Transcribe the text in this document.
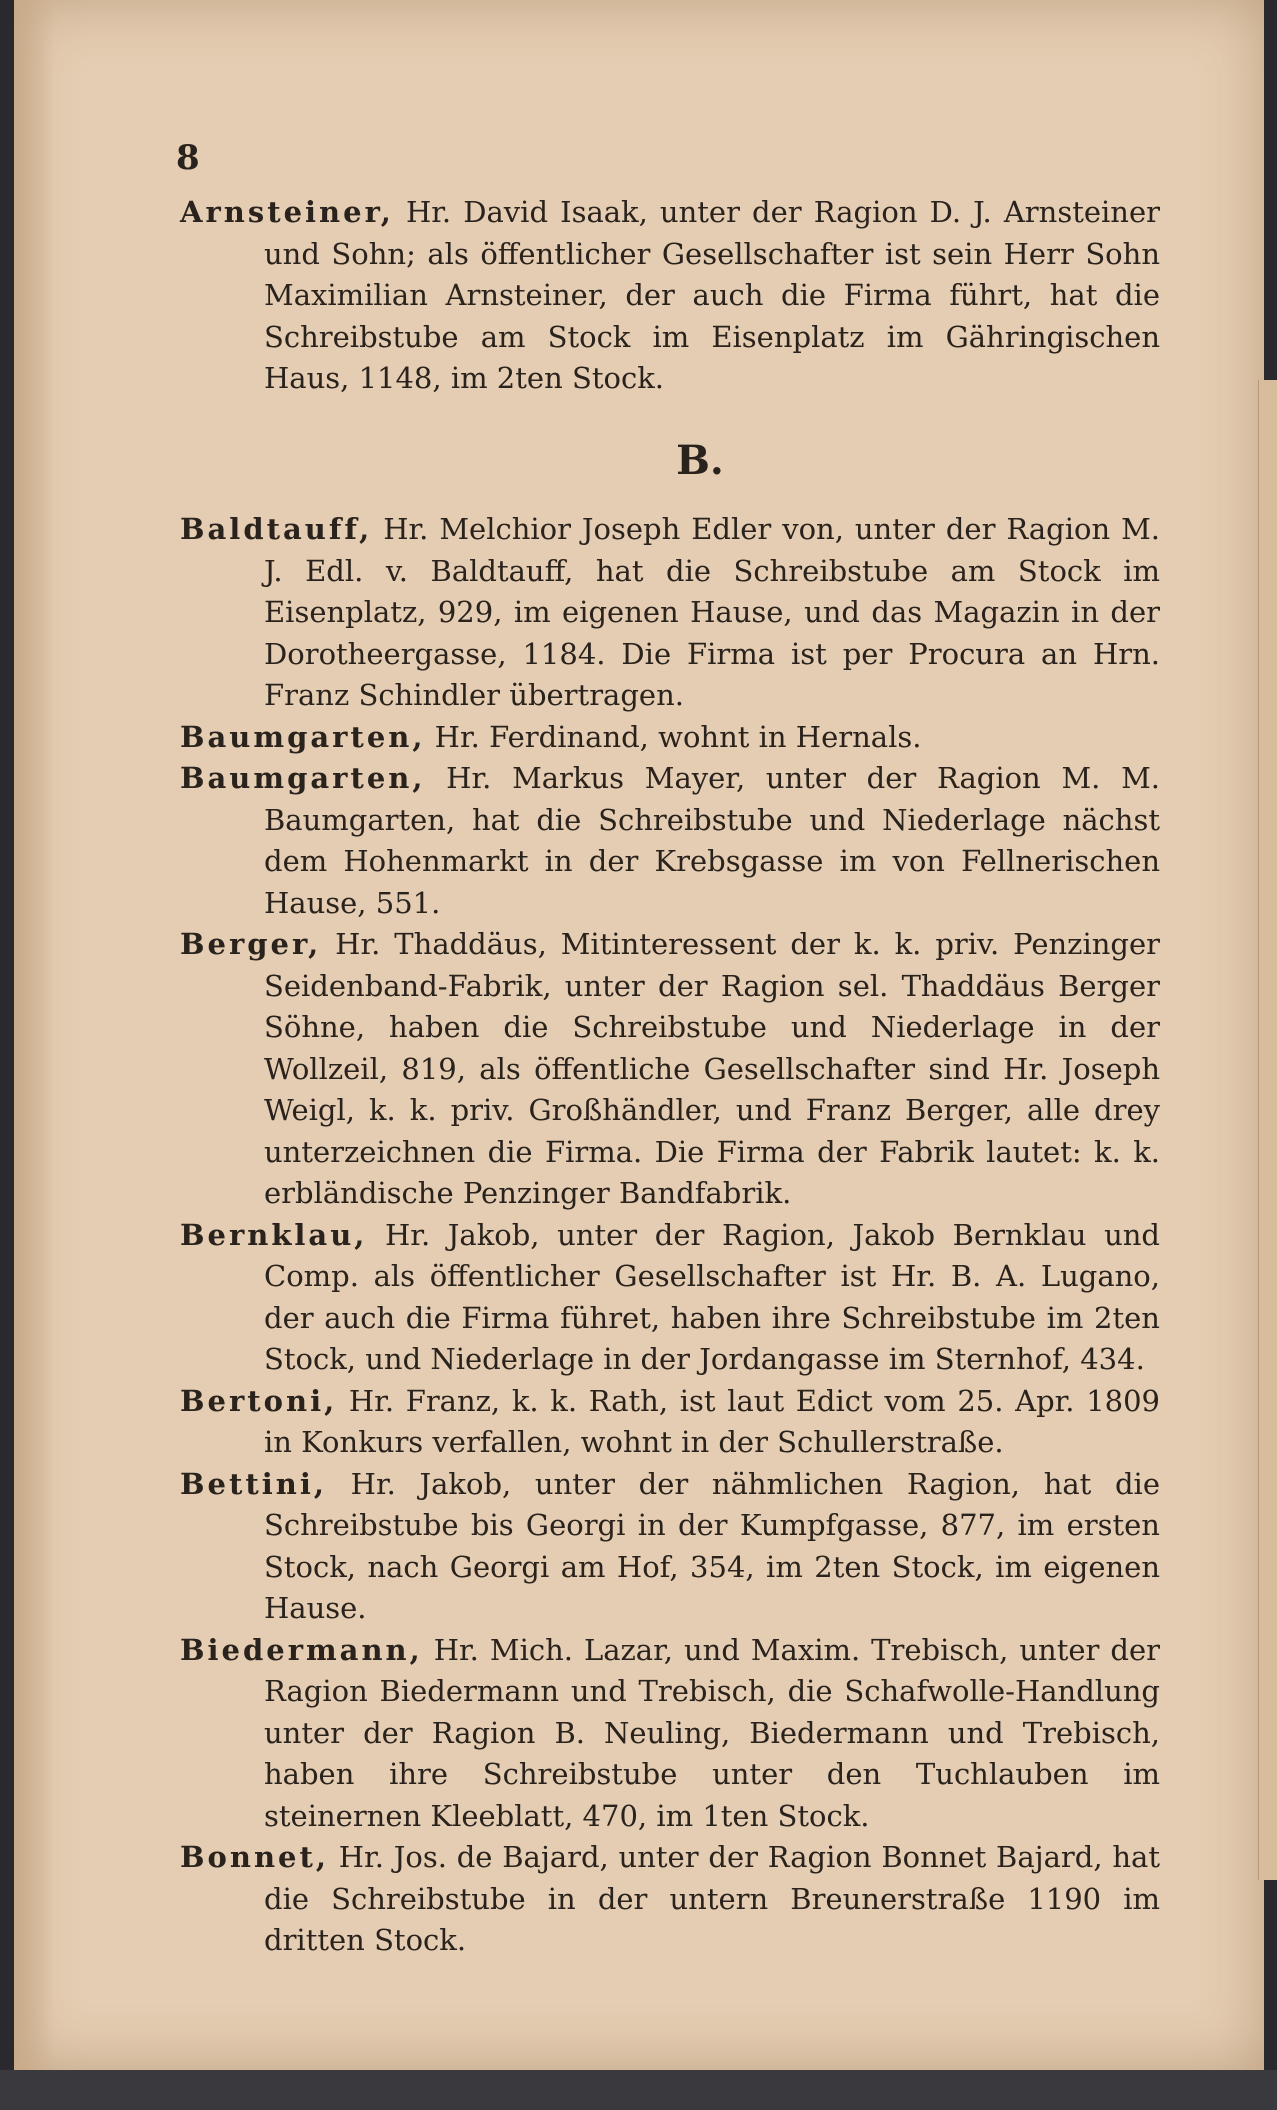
8

Arnsteiner, Hr. David Isaak, unter der Ragion D. J. Arnsteiner und Sohn; als öffentlicher Gesellschafter ist sein Herr Sohn Maximilian Arnsteiner, der auch die Firma führt, hat die Schreibstube am Stock im Eisenplatz im Gähringischen Haus, 1148, im 2ten Stock.

B.

Baldtauff, Hr. Melchior Joseph Edler von, unter der Ragion M. J. Edl. v. Baldtauff, hat die Schreibstube am Stock im Eisenplatz, 929, im eigenen Hause, und das Magazin in der Dorotheergasse, 1184. Die Firma ist per Procura an Hrn. Franz Schindler übertragen.

Baumgarten, Hr. Ferdinand, wohnt in Hernals.

Baumgarten, Hr. Markus Mayer, unter der Ragion M. M. Baumgarten, hat die Schreibstube und Niederlage nächst dem Hohenmarkt in der Krebsgasse im von Fellnerischen Hause, 551.

Berger, Hr. Thaddäus, Mitinteressent der k. k. priv. Penzinger Seidenband-Fabrik, unter der Ragion sel. Thaddäus Berger Söhne, haben die Schreibstube und Niederlage in der Wollzeil, 819, als öffentliche Gesellschafter sind Hr. Joseph Weigl, k. k. priv. Großhändler, und Franz Berger, alle drey unterzeichnen die Firma. Die Firma der Fabrik lautet: k. k. erbländische Penzinger Bandfabrik.

Bernklau, Hr. Jakob, unter der Ragion, Jakob Bernklau und Comp. als öffentlicher Gesellschafter ist Hr. B. A. Lugano, der auch die Firma führet, haben ihre Schreibstube im 2ten Stock, und Niederlage in der Jordangasse im Sternhof, 434.

Bertoni, Hr. Franz, k. k. Rath, ist laut Edict vom 25. Apr. 1809 in Konkurs verfallen, wohnt in der Schullerstraße.

Bettini, Hr. Jakob, unter der nähmlichen Ragion, hat die Schreibstube bis Georgi in der Kumpfgasse, 877, im ersten Stock, nach Georgi am Hof, 354, im 2ten Stock, im eigenen Hause.

Biedermann, Hr. Mich. Lazar, und Maxim. Trebisch, unter der Ragion Biedermann und Trebisch, die Schafwolle-Handlung unter der Ragion B. Neuling, Biedermann und Trebisch, haben ihre Schreibstube unter den Tuchlauben im steinernen Kleeblatt, 470, im 1ten Stock.

Bonnet, Hr. Jos. de Bajard, unter der Ragion Bonnet Bajard, hat die Schreibstube in der untern Breunerstraße 1190 im dritten Stock.
